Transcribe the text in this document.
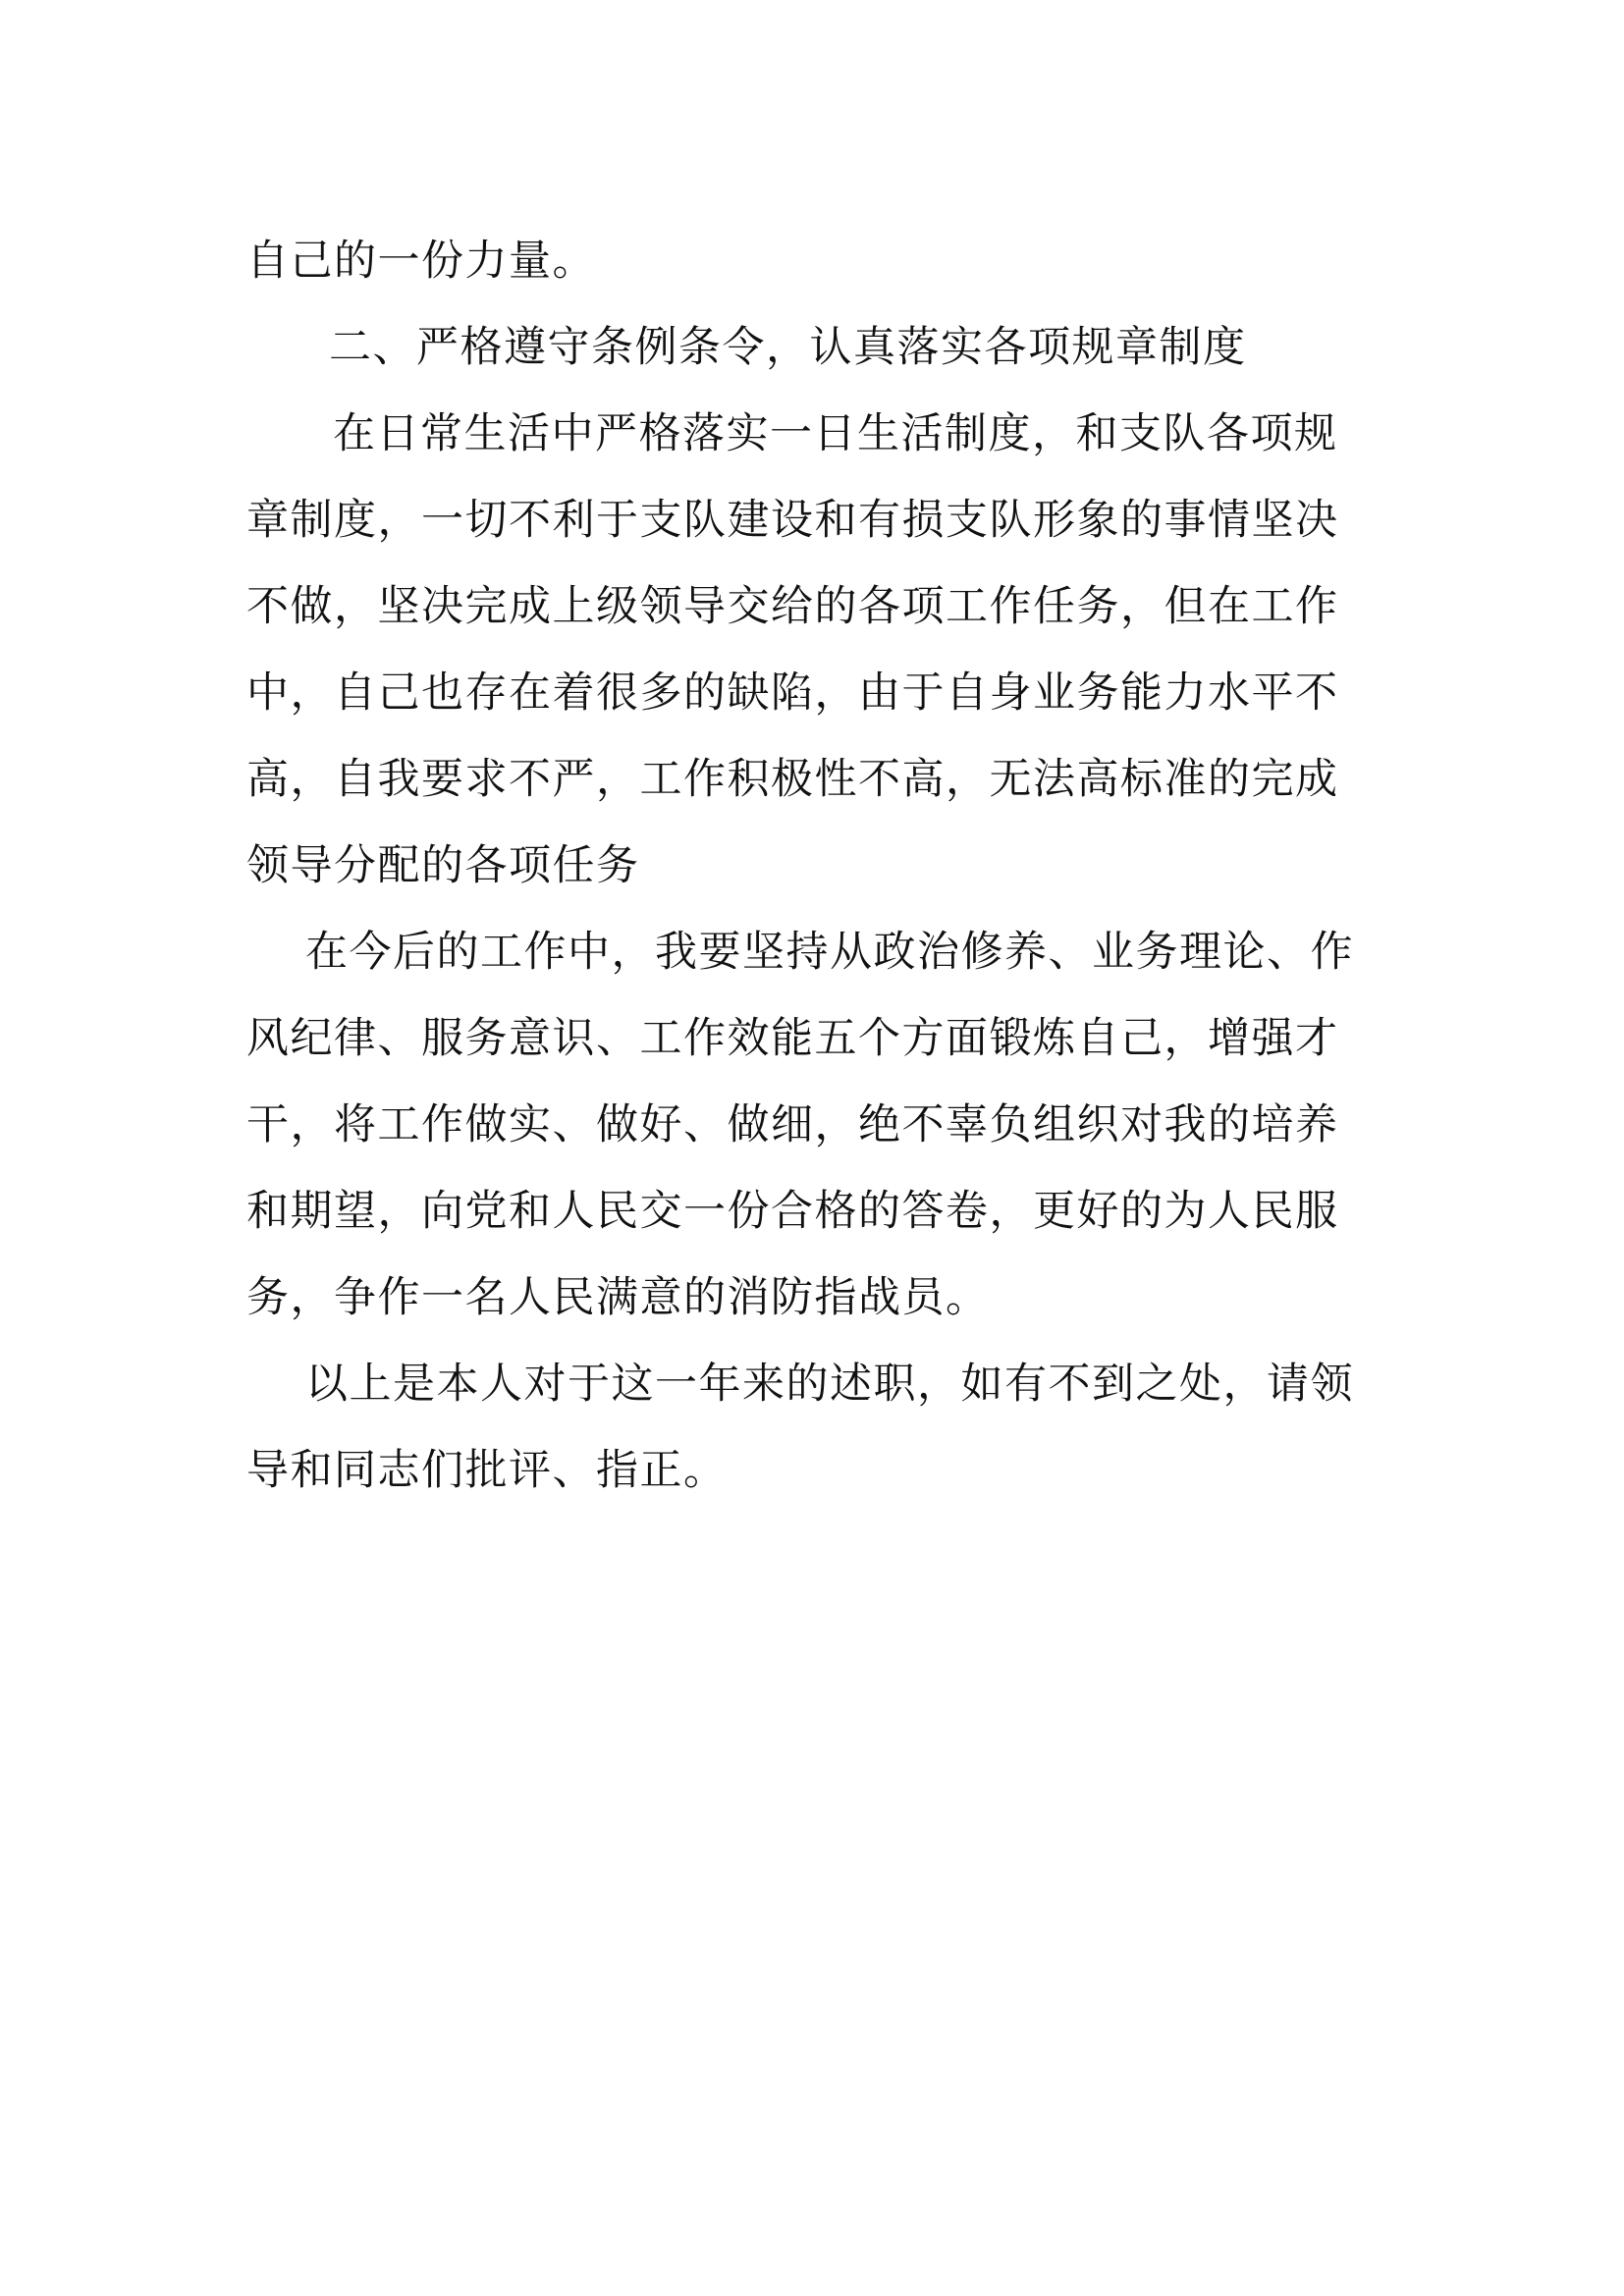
自己的一份力量。
二、严格遵守条例条令，认真落实各项规章制度
在日常生活中严格落实一日生活制度，和支队各项规
章制度，一切不利于支队建设和有损支队形象的事情坚决
不做，坚决完成上级领导交给的各项工作任务，但在工作
中，自己也存在着很多的缺陷，由于自身业务能力水平不
高，自我要求不严，工作积极性不高，无法高标准的完成
领导分配的各项任务
在今后的工作中，我要坚持从政治修养、业务理论、作
风纪律、服务意识、工作效能五个方面锻炼自己，增强才
干，将工作做实、做好、做细，绝不辜负组织对我的培养
和期望，向党和人民交一份合格的答卷，更好的为人民服
务，争作一名人民满意的消防指战员。
以上是本人对于这一年来的述职，如有不到之处，请领
导和同志们批评、指正。
